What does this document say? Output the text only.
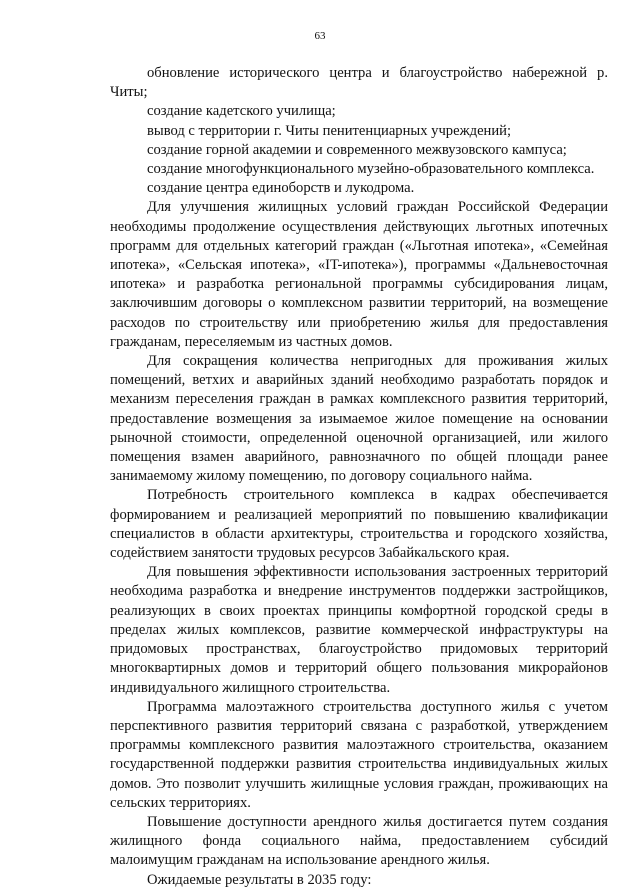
63

обновление исторического центра и благоустройство набережной р. Читы;

создание кадетского училища;

вывод с территории г. Читы пенитенциарных учреждений;

создание горной академии и современного межвузовского кампуса;

создание многофункционального музейно-образовательного комплекса.

создание центра единоборств и лукодрома.

Для улучшения жилищных условий граждан Российской Федерации необходимы продолжение осуществления действующих льготных ипотечных программ для отдельных категорий граждан («Льготная ипотека», «Семейная ипотека», «Сельская ипотека», «IT-ипотека»), программы «Дальневосточная ипотека» и разработка региональной программы субсидирования лицам, заключившим договоры о комплексном развитии территорий, на возмещение расходов по строительству или приобретению жилья для предоставления гражданам, переселяемым из частных домов.

Для сокращения количества непригодных для проживания жилых помещений, ветхих и аварийных зданий необходимо разработать порядок и механизм переселения граждан в рамках комплексного развития территорий, предоставление возмещения за изымаемое жилое помещение на основании рыночной стоимости, определенной оценочной организацией, или жилого помещения взамен аварийного, равнозначного по общей площади ранее занимаемому жилому помещению, по договору социального найма.

Потребность строительного комплекса в кадрах обеспечивается формированием и реализацией мероприятий по повышению квалификации специалистов в области архитектуры, строительства и городского хозяйства, содействием занятости трудовых ресурсов Забайкальского края.

Для повышения эффективности использования застроенных территорий необходима разработка и внедрение инструментов поддержки застройщиков, реализующих в своих проектах принципы комфортной городской среды в пределах жилых комплексов, развитие коммерческой инфраструктуры на придомовых пространствах, благоустройство придомовых территорий многоквартирных домов и территорий общего пользования микрорайонов индивидуального жилищного строительства.

Программа малоэтажного строительства доступного жилья с учетом перспективного развития территорий связана с разработкой, утверждением программы комплексного развития малоэтажного строительства, оказанием государственной поддержки развития строительства индивидуальных жилых домов. Это позволит улучшить жилищные условия граждан, проживающих на сельских территориях.

Повышение доступности арендного жилья достигается путем создания жилищного фонда социального найма, предоставлением субсидий малоимущим гражданам на использование арендного жилья.

Ожидаемые результаты в 2035 году:
